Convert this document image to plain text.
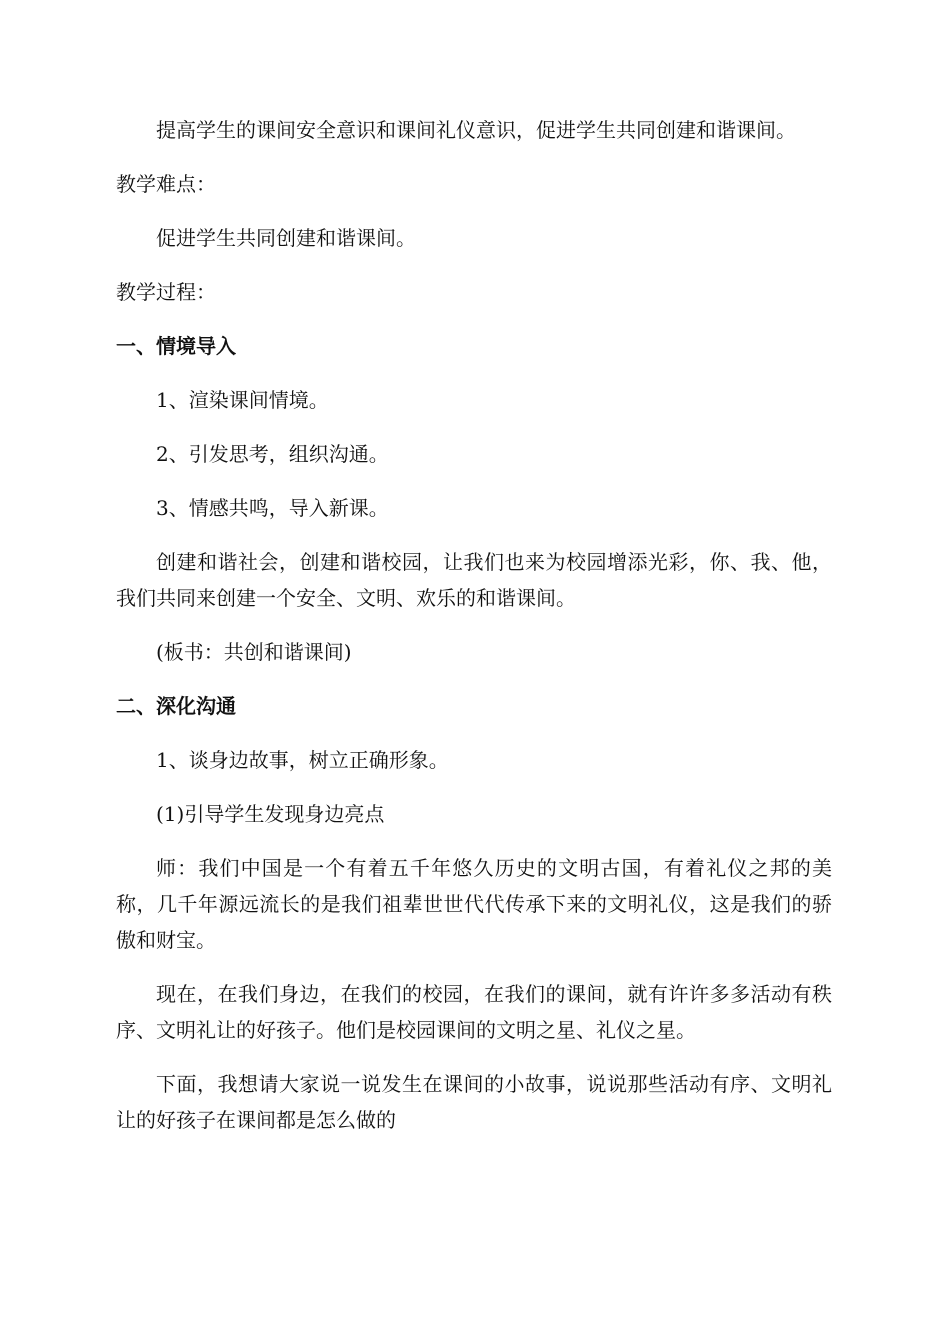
提高学生的课间安全意识和课间礼仪意识，促进学生共同创建和谐课间。

教学难点：

促进学生共同创建和谐课间。

教学过程：

一、情境导入

1、渲染课间情境。

2、引发思考，组织沟通。

3、情感共鸣，导入新课。

创建和谐社会，创建和谐校园，让我们也来为校园增添光彩，你、我、他，我们共同来创建一个安全、文明、欢乐的和谐课间。

(板书：共创和谐课间)

二、深化沟通

1、谈身边故事，树立正确形象。

(1)引导学生发现身边亮点

师：我们中国是一个有着五千年悠久历史的文明古国，有着礼仪之邦的美称，几千年源远流长的是我们祖辈世世代代传承下来的文明礼仪，这是我们的骄傲和财宝。

现在，在我们身边，在我们的校园，在我们的课间，就有许许多多活动有秩序、文明礼让的好孩子。他们是校园课间的文明之星、礼仪之星。

下面，我想请大家说一说发生在课间的小故事，说说那些活动有序、文明礼让的好孩子在课间都是怎么做的
